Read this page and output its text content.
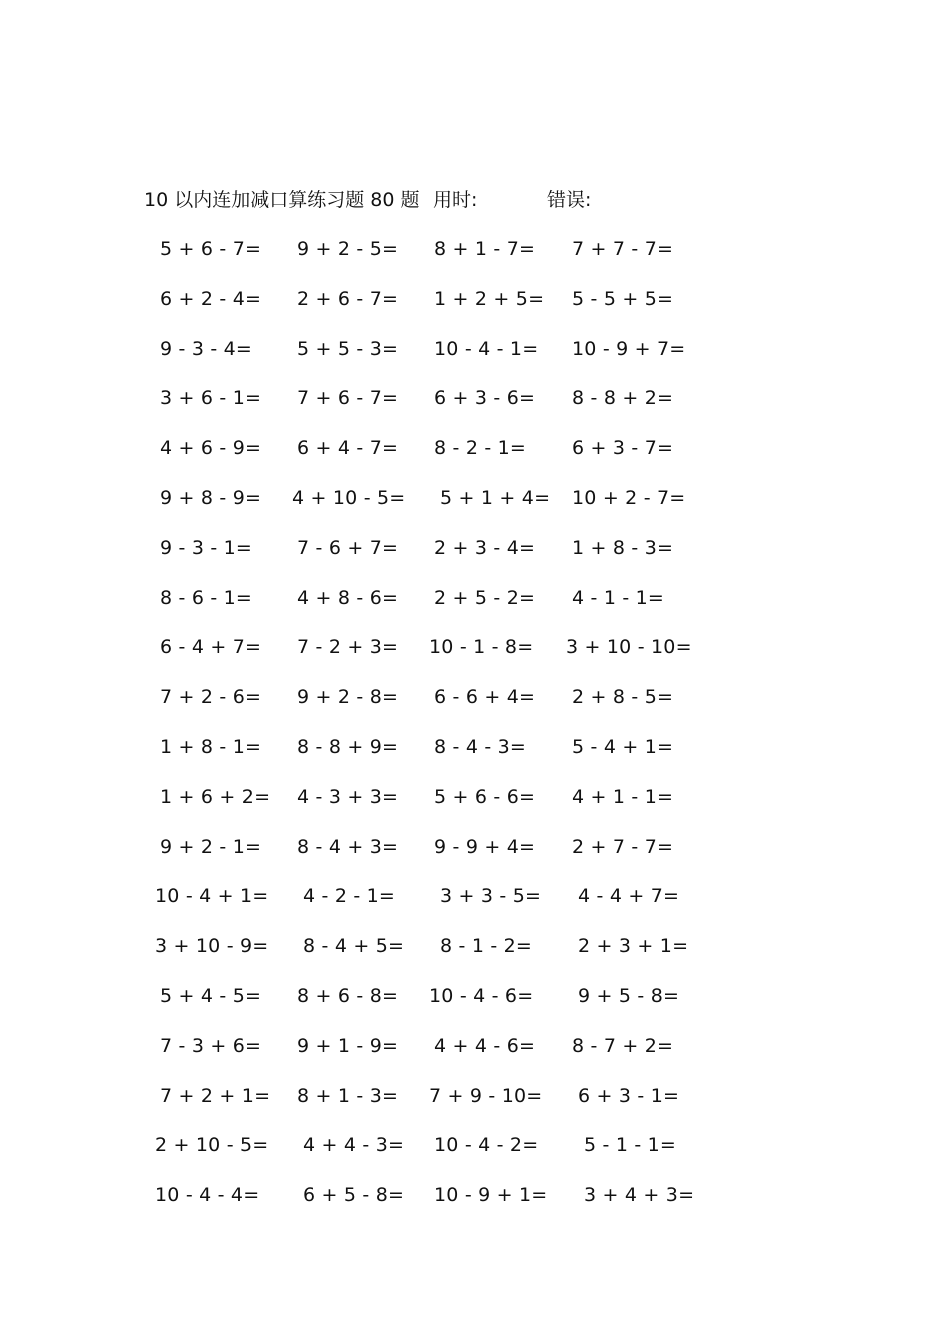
10 以内连加减口算练习题 80 题 用时:	错误:
5 + 6 - 7= 9 + 2 - 5= 8 + 1 - 7= 7 + 7 - 7=
6 + 2 - 4= 2 + 6 - 7= 1 + 2 + 5= 5 - 5 + 5=
9 - 3 - 4= 5 + 5 - 3= 10 - 4 - 1= 10 - 9 + 7=
3 + 6 - 1= 7 + 6 - 7= 6 + 3 - 6= 8 - 8 + 2=
4 + 6 - 9= 6 + 4 - 7= 8 - 2 - 1= 6 + 3 - 7=
9 + 8 - 9= 4 + 10 - 5= 5 + 1 + 4= 10 + 2 - 7=
9 - 3 - 1= 7 - 6 + 7= 2 + 3 - 4= 1 + 8 - 3=
8 - 6 - 1= 4 + 8 - 6= 2 + 5 - 2= 4 - 1 - 1=
6 - 4 + 7= 7 - 2 + 3= 10 - 1 - 8= 3 + 10 - 10=
7 + 2 - 6= 9 + 2 - 8= 6 - 6 + 4= 2 + 8 - 5=
1 + 8 - 1= 8 - 8 + 9= 8 - 4 - 3= 5 - 4 + 1=
1 + 6 + 2= 4 - 3 + 3= 5 + 6 - 6= 4 + 1 - 1=
9 + 2 - 1= 8 - 4 + 3= 9 - 9 + 4= 2 + 7 - 7=
10 - 4 + 1= 4 - 2 - 1= 3 + 3 - 5= 4 - 4 + 7=
3 + 10 - 9= 8 - 4 + 5= 8 - 1 - 2= 2 + 3 + 1=
5 + 4 - 5= 8 + 6 - 8= 10 - 4 - 6= 9 + 5 - 8=
7 - 3 + 6= 9 + 1 - 9= 4 + 4 - 6= 8 - 7 + 2=
7 + 2 + 1= 8 + 1 - 3= 7 + 9 - 10= 6 + 3 - 1=
2 + 10 - 5= 4 + 4 - 3= 10 - 4 - 2= 5 - 1 - 1=
10 - 4 - 4= 6 + 5 - 8= 10 - 9 + 1= 3 + 4 + 3=
